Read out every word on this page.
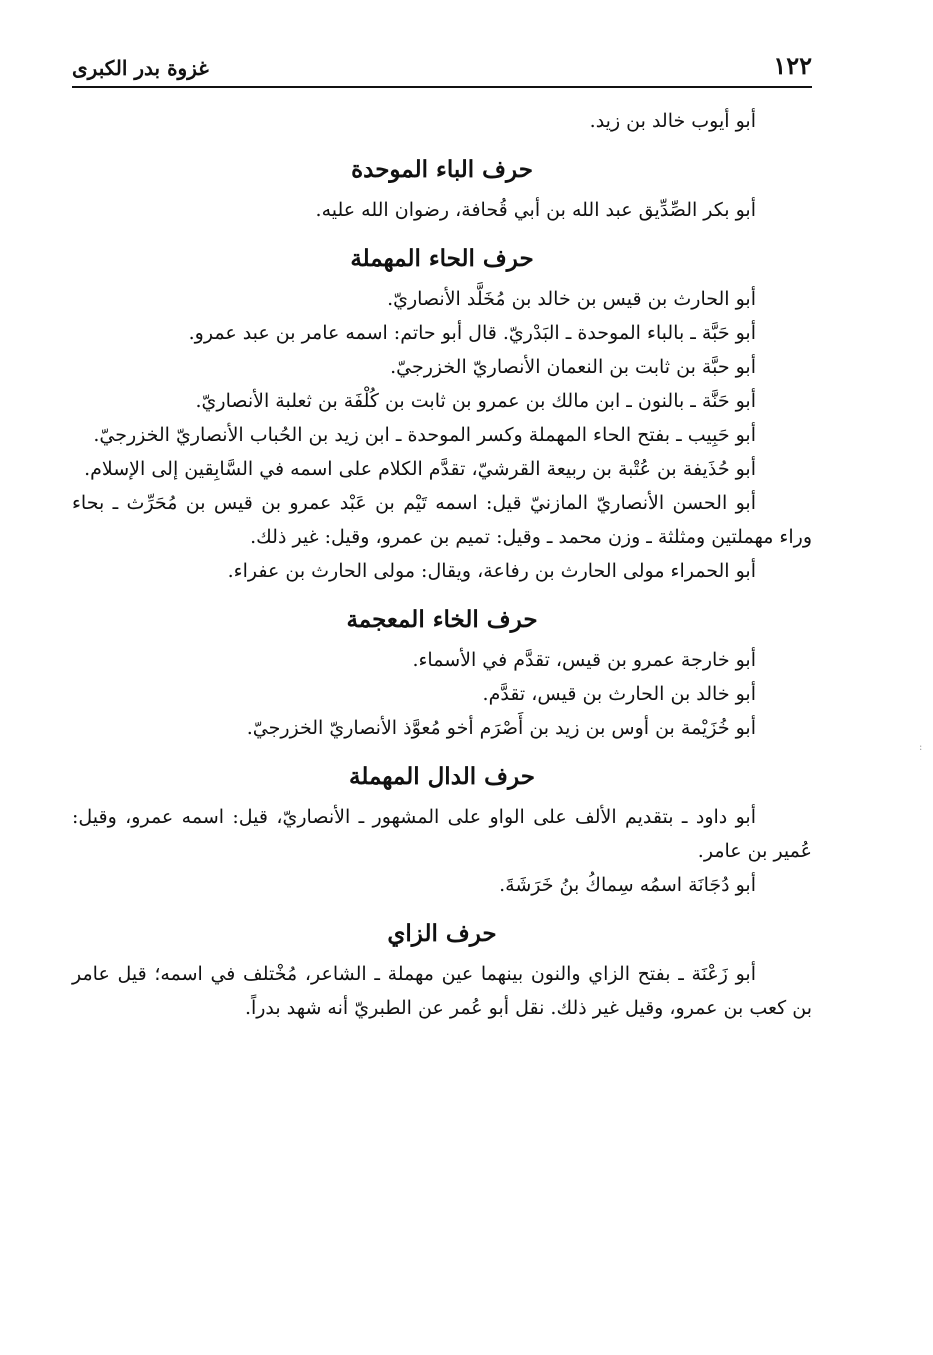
١٢٢
غزوة بدر الكبرى
أبو أيوب خالد بن زيد.
حرف الباء الموحدة
أبو بكر الصِّدِّيق عبد الله بن أبي قُحافة، رضوان الله عليه.
حرف الحاء المهملة
أبو الحارث بن قيس بن خالد بن مُخَلَّد الأنصاريّ.
أبو حَبَّة ـ بالباء الموحدة ـ البَدْريّ. قال أبو حاتم: اسمه عامر بن عبد عمرو.
أبو حبَّة بن ثابت بن النعمان الأنصاريّ الخزرجيّ.
أبو حَنَّة ـ بالنون ـ ابن مالك بن عمرو بن ثابت بن كُلْفَة بن ثعلبة الأنصاريّ.

أبو حَبِيب ـ بفتح الحاء المهملة وكسر الموحدة ـ ابن زيد بن الحُباب الأنصاريّ الخزرجيّ.

أبو حُذَيفة بن عُتْبة بن ربيعة القرشيّ، تقدَّم الكلام على اسمه في السَّابِقين إلى الإسلام.

أبو الحسن الأنصاريّ المازنيّ قيل: اسمه تَيْم بن عَبْد عمرو بن قيس بن مُحَرِّث ـ بحاء وراء مهملتين ومثلثة ـ وزن محمد ـ وقيل: تميم بن عمرو، وقيل: غير ذلك.

أبو الحمراء مولى الحارث بن رفاعة، ويقال: مولى الحارث بن عفراء.
حرف الخاء المعجمة
أبو خارجة عمرو بن قيس، تقدَّم في الأسماء.
أبو خالد بن الحارث بن قيس، تقدَّم.
أبو خُزَيْمة بن أوس بن زيد بن أَصْرَم أخو مُعوَّذ الأنصاريّ الخزرجيّ.
حرف الدال المهملة

أبو داود ـ بتقديم الألف على الواو على المشهور ـ الأنصاريّ، قيل: اسمه عمرو، وقيل: عُمير بن عامر.

أبو دُجَانَة اسمُه سِماكُ بنُ خَرَشَةَ.
حرف الزاي

أبو زَعْنَة ـ بفتح الزاي والنون بينهما عين مهملة ـ الشاعر، مُخْتلف في اسمه؛ قيل عامر بن كعب بن عمرو، وقيل غير ذلك. نقل أبو عُمر عن الطبريّ أنه شهد بدراً.

:
